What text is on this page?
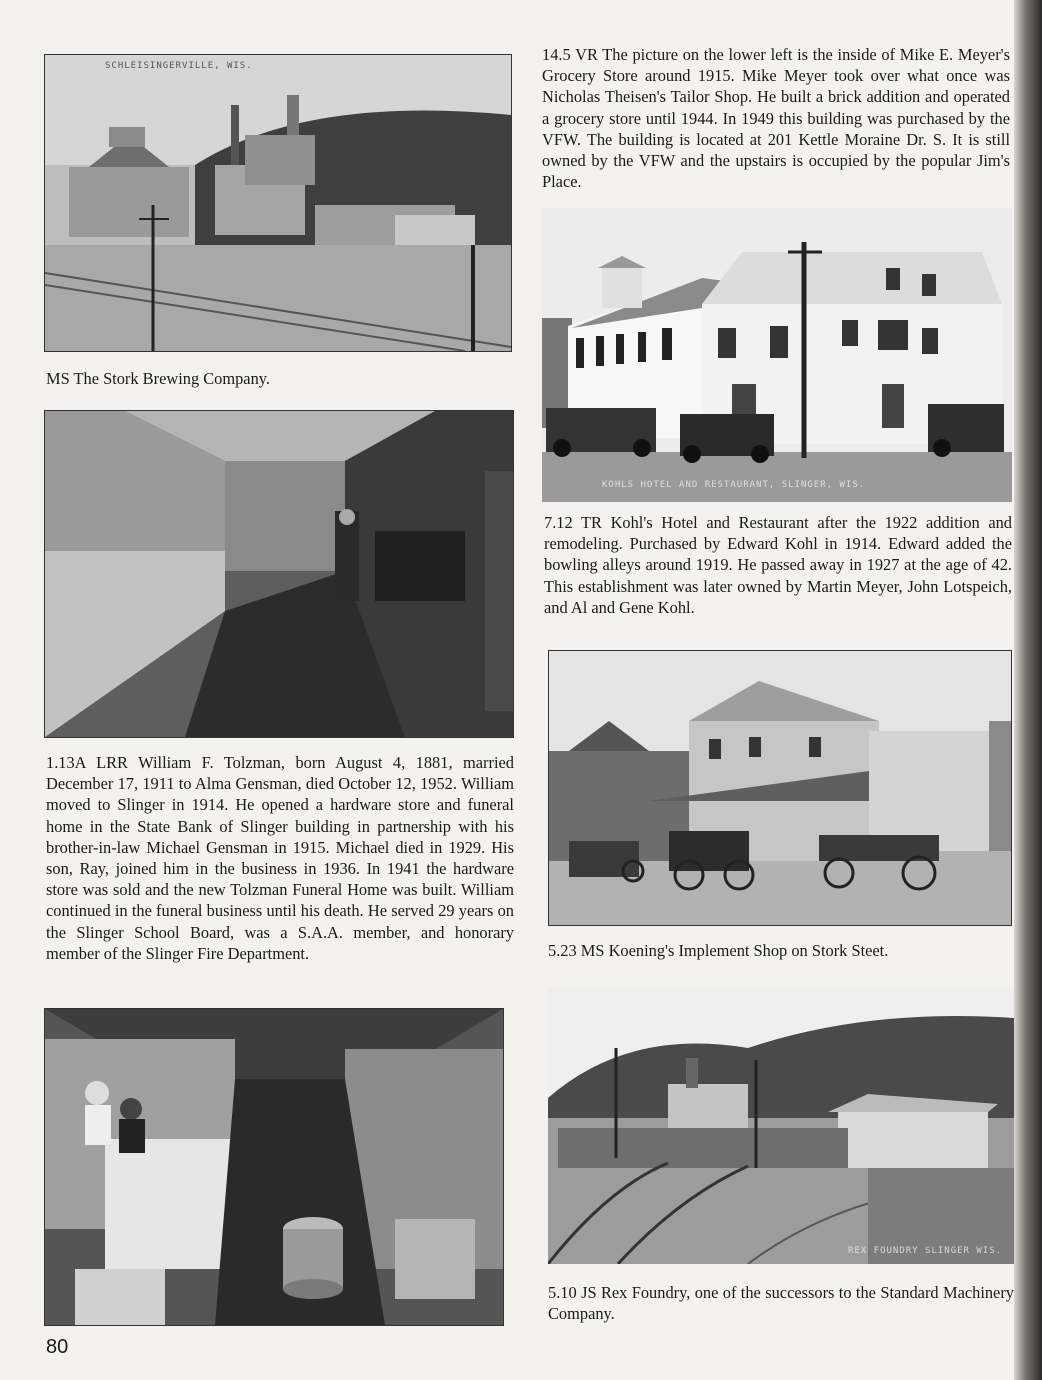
SCHLEISINGERVILLE, WIS.

MS The Stork Brewing Company.

1.13A LRR William F. Tolzman, born August 4, 1881, married December 17, 1911 to Alma Gensman, died October 12, 1952. William moved to Slinger in 1914. He opened a hardware store and funeral home in the State Bank of Slinger building in partnership with his brother-in-law Michael Gensman in 1915. Michael died in 1929. His son, Ray, joined him in the business in 1936. In 1941 the hardware store was sold and the new Tolzman Funeral Home was built. William continued in the funeral business until his death. He served 29 years on the Slinger School Board, was a S.A.A. member, and honorary member of the Slinger Fire Department.

80

14.5 VR The picture on the lower left is the inside of Mike E. Meyer's Grocery Store around 1915. Mike Meyer took over what once was Nicholas Theisen's Tailor Shop. He built a brick addition and operated a grocery store until 1944. In 1949 this building was purchased by the VFW. The building is located at 201 Kettle Moraine Dr. S. It is still owned by the VFW and the upstairs is occupied by the popular Jim's Place.

KOHLS HOTEL AND RESTAURANT, SLINGER, WIS.

7.12 TR Kohl's Hotel and Restaurant after the 1922 addition and remodeling. Purchased by Edward Kohl in 1914. Edward added the bowling alleys around 1919. He passed away in 1927 at the age of 42. This establishment was later owned by Martin Meyer, John Lotspeich, and Al and Gene Kohl.

5.23 MS Koening's Implement Shop on Stork Steet.

REX FOUNDRY SLINGER WIS.

5.10 JS Rex Foundry, one of the successors to the Standard Machinery Company.
